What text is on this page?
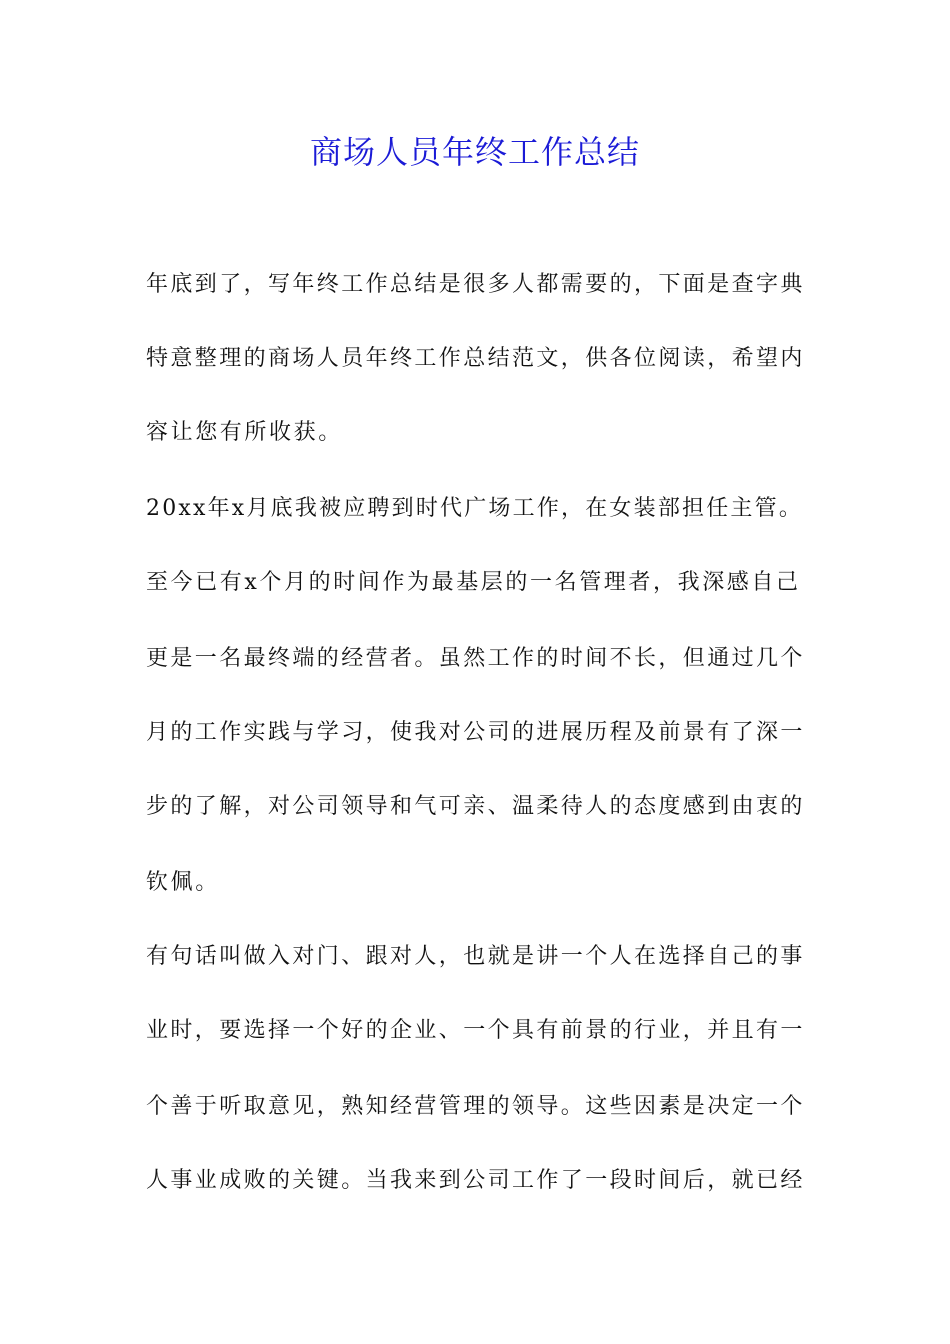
商场人员年终工作总结
年底到了，写年终工作总结是很多人都需要的，下面是查字典
特意整理的商场人员年终工作总结范文，供各位阅读，希望内
容让您有所收获。
20xx年x月底我被应聘到时代广场工作，在女装部担任主管。
至今已有x个月的时间作为最基层的一名管理者，我深感自己
更是一名最终端的经营者。虽然工作的时间不长，但通过几个
月的工作实践与学习，使我对公司的进展历程及前景有了深一
步的了解，对公司领导和气可亲、温柔待人的态度感到由衷的
钦佩。
有句话叫做入对门、跟对人，也就是讲一个人在选择自己的事
业时，要选择一个好的企业、一个具有前景的行业，并且有一
个善于听取意见，熟知经营管理的领导。这些因素是决定一个
人事业成败的关键。当我来到公司工作了一段时间后，就已经
